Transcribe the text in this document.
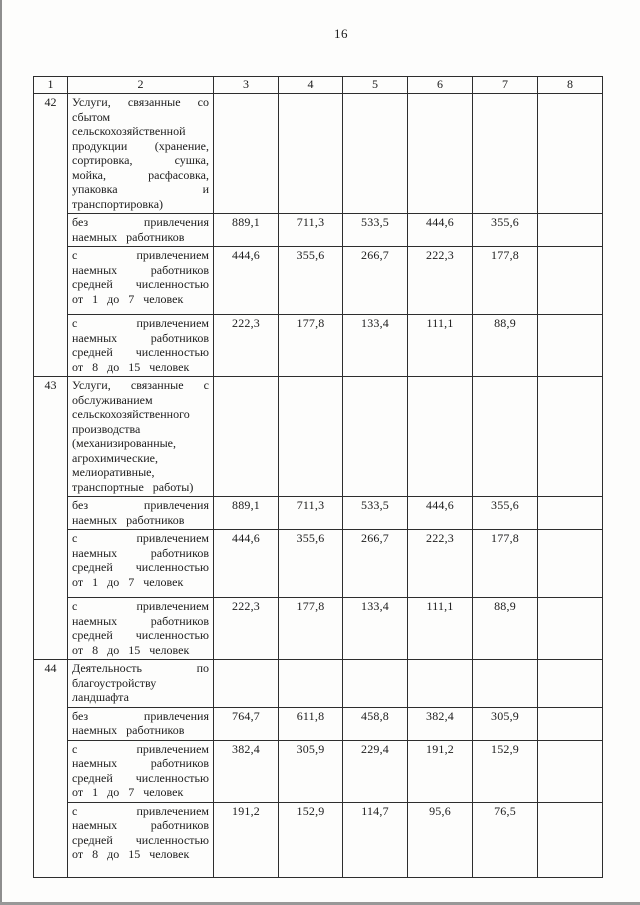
16
1	2	3	4	5	6	7	8
42	Услуги, связанные со сбытом сельскохозяйственной продукции (хранение, сортировка, сушка, мойка, расфасовка, упаковка и транспортировка)						
	без привлечения наемных работников	889,1	711,3	533,5	444,6	355,6	
	с привлечением наемных работников средней численностью от 1 до 7 человек	444,6	355,6	266,7	222,3	177,8	
	с привлечением наемных работников средней численностью от 8 до 15 человек	222,3	177,8	133,4	111,1	88,9	
43	Услуги, связанные с обслуживанием сельскохозяйственного производства (механизированные, агрохимические, мелиоративные, транспортные работы)						
	без привлечения наемных работников	889,1	711,3	533,5	444,6	355,6	
	с привлечением наемных работников средней численностью от 1 до 7 человек	444,6	355,6	266,7	222,3	177,8	
	с привлечением наемных работников средней численностью от 8 до 15 человек	222,3	177,8	133,4	111,1	88,9	
44	Деятельность по благоустройству ландшафта						
	без привлечения наемных работников	764,7	611,8	458,8	382,4	305,9	
	с привлечением наемных работников средней численностью от 1 до 7 человек	382,4	305,9	229,4	191,2	152,9	
	с привлечением наемных работников средней численностью от 8 до 15 человек	191,2	152,9	114,7	95,6	76,5	
